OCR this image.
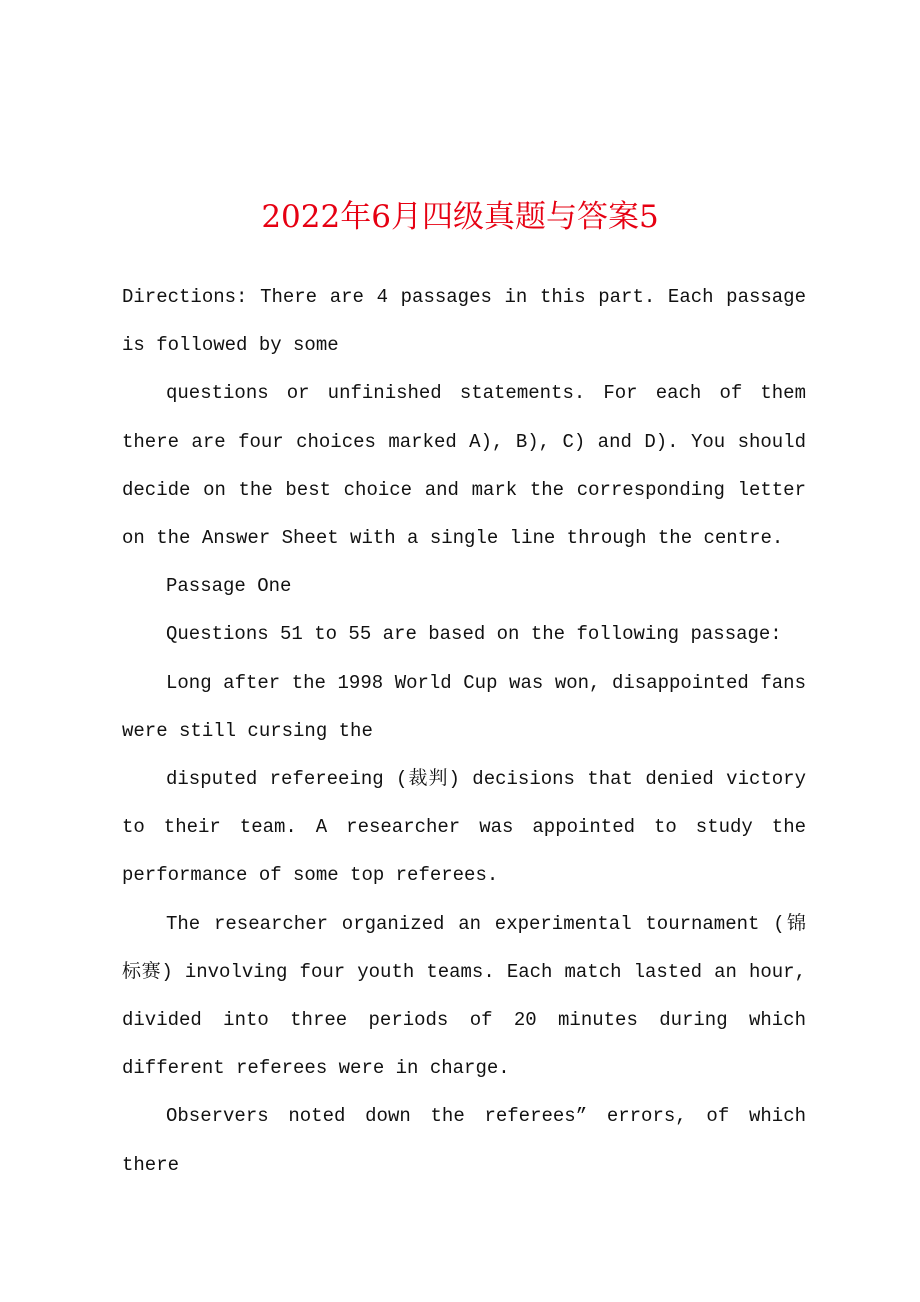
2022年6月四级真题与答案5

Directions: There are 4 passages in this part. Each passage is followed by some

questions or unfinished statements. For each of them there are four choices marked A), B), C) and D). You should decide on the best choice and mark the corresponding letter on the Answer Sheet with a single line through the centre.

Passage One

Questions 51 to 55 are based on the following passage:

Long after the 1998 World Cup was won, disappointed fans were still cursing the

disputed refereeing (裁判) decisions that denied victory to their team. A researcher was appointed to study the performance of some top referees.

The researcher organized an experimental tournament (锦标赛) involving four youth teams. Each match lasted an hour, divided into three periods of 20 minutes during which different referees were in charge.

Observers noted down the referees” errors, of which there
